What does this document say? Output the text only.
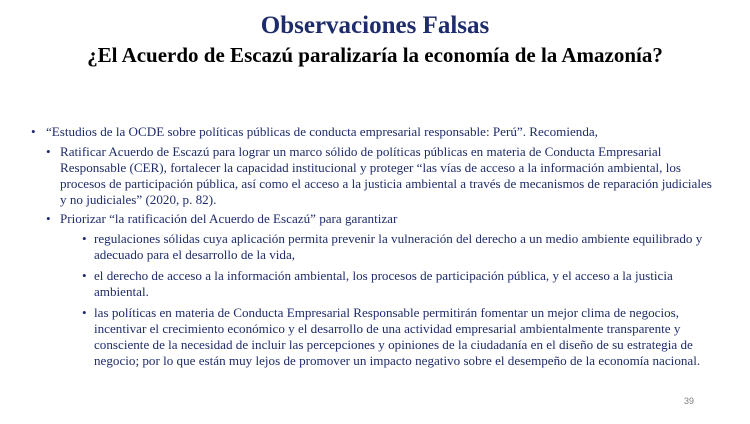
Observaciones Falsas
¿El Acuerdo de Escazú paralizaría la economía de la Amazonía?
• “Estudios de la OCDE sobre políticas públicas de conducta empresarial responsable: Perú”. Recomienda,
• Ratificar Acuerdo de Escazú para lograr un marco sólido de políticas públicas en materia de Conducta Empresarial Responsable (CER), fortalecer la capacidad institucional y proteger “las vías de acceso a la información ambiental, los procesos de participación pública, así como el acceso a la justicia ambiental a través de mecanismos de reparación judiciales y no judiciales” (2020, p. 82).
• Priorizar “la ratificación del Acuerdo de Escazú” para garantizar
• regulaciones sólidas cuya aplicación permita prevenir la vulneración del derecho a un medio ambiente equilibrado y adecuado para el desarrollo de la vida,
• el derecho de acceso a la información ambiental, los procesos de participación pública, y el acceso a la justicia ambiental.
• las políticas en materia de Conducta Empresarial Responsable permitirán fomentar un mejor clima de negocios, incentivar el crecimiento económico y el desarrollo de una actividad empresarial ambientalmente transparente y consciente de la necesidad de incluir las percepciones y opiniones de la ciudadanía en el diseño de su estrategia de negocio; por lo que están muy lejos de promover un impacto negativo sobre el desempeño de la economía nacional.
39
